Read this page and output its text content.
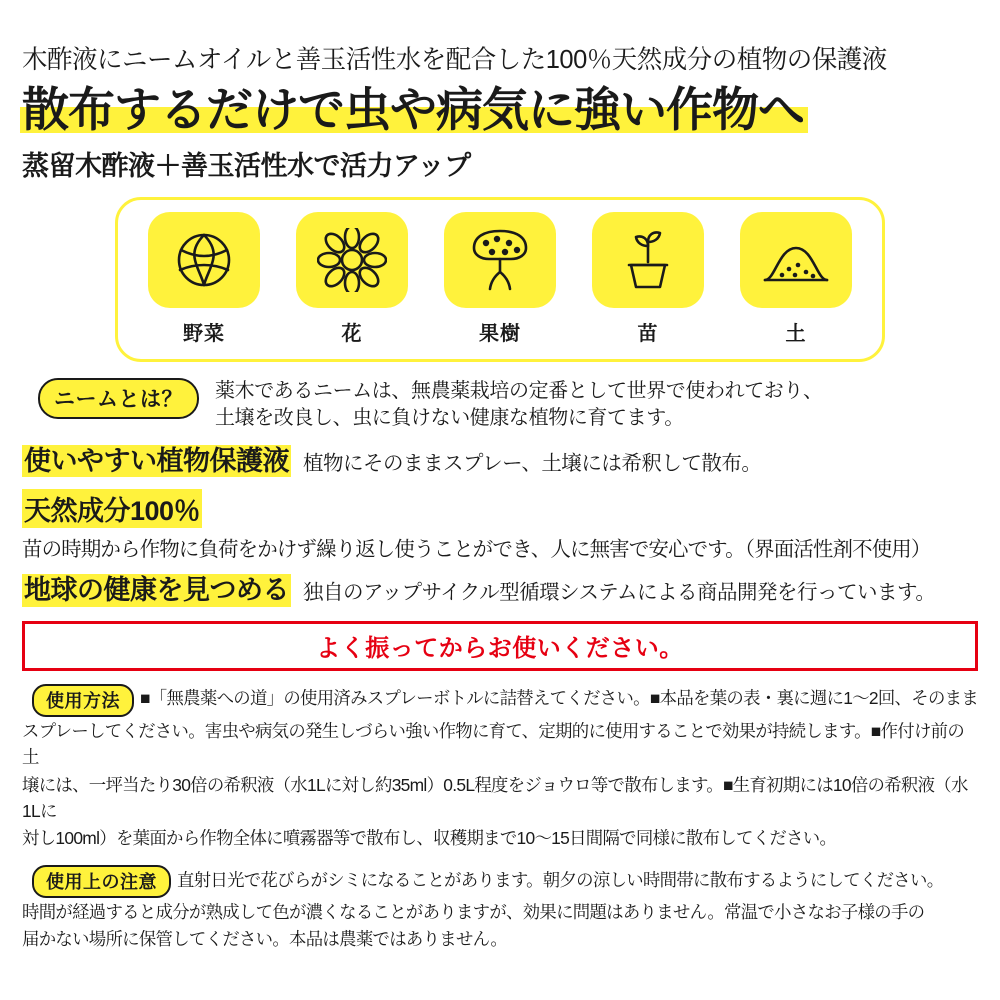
木酢液にニームオイルと善玉活性水を配合した100％天然成分の植物の保護液
散布するだけで虫や病気に強い作物へ
蒸留木酢液＋善玉活性水で活力アップ
野菜	花	果樹	苗	土
ニームとは？	薬木であるニームは、無農薬栽培の定番として世界で使われており、
土壌を改良し、虫に負けない健康な植物に育てます。
使いやすい植物保護液 植物にそのままスプレー、土壌には希釈して散布。
天然成分100％
苗の時期から作物に負荷をかけず繰り返し使うことができ、人に無害で安心です。（界面活性剤不使用）
地球の健康を見つめる 独自のアップサイクル型循環システムによる商品開発を行っています。
よく振ってからお使いください。
使用方法 ■「無農薬への道」の使用済みスプレーボトルに詰替えてください。■本品を葉の表・裏に週に1〜2回、そのまま
スプレーしてください。害虫や病気の発生しづらい強い作物に育て、定期的に使用することで効果が持続します。■作付け前の土
壌には、一坪当たり30倍の希釈液（水1Lに対し約35ml）0.5L程度をジョウロ等で散布します。■生育初期には10倍の希釈液（水1Lに
対し100ml）を葉面から作物全体に噴霧器等で散布し、収穫期まで10〜15日間隔で同様に散布してください。
使用上の注意 直射日光で花びらがシミになることがあります。朝夕の涼しい時間帯に散布するようにしてください。
時間が経過すると成分が熟成して色が濃くなることがありますが、効果に問題はありません。常温で小さなお子様の手の
届かない場所に保管してください。本品は農薬ではありません。
